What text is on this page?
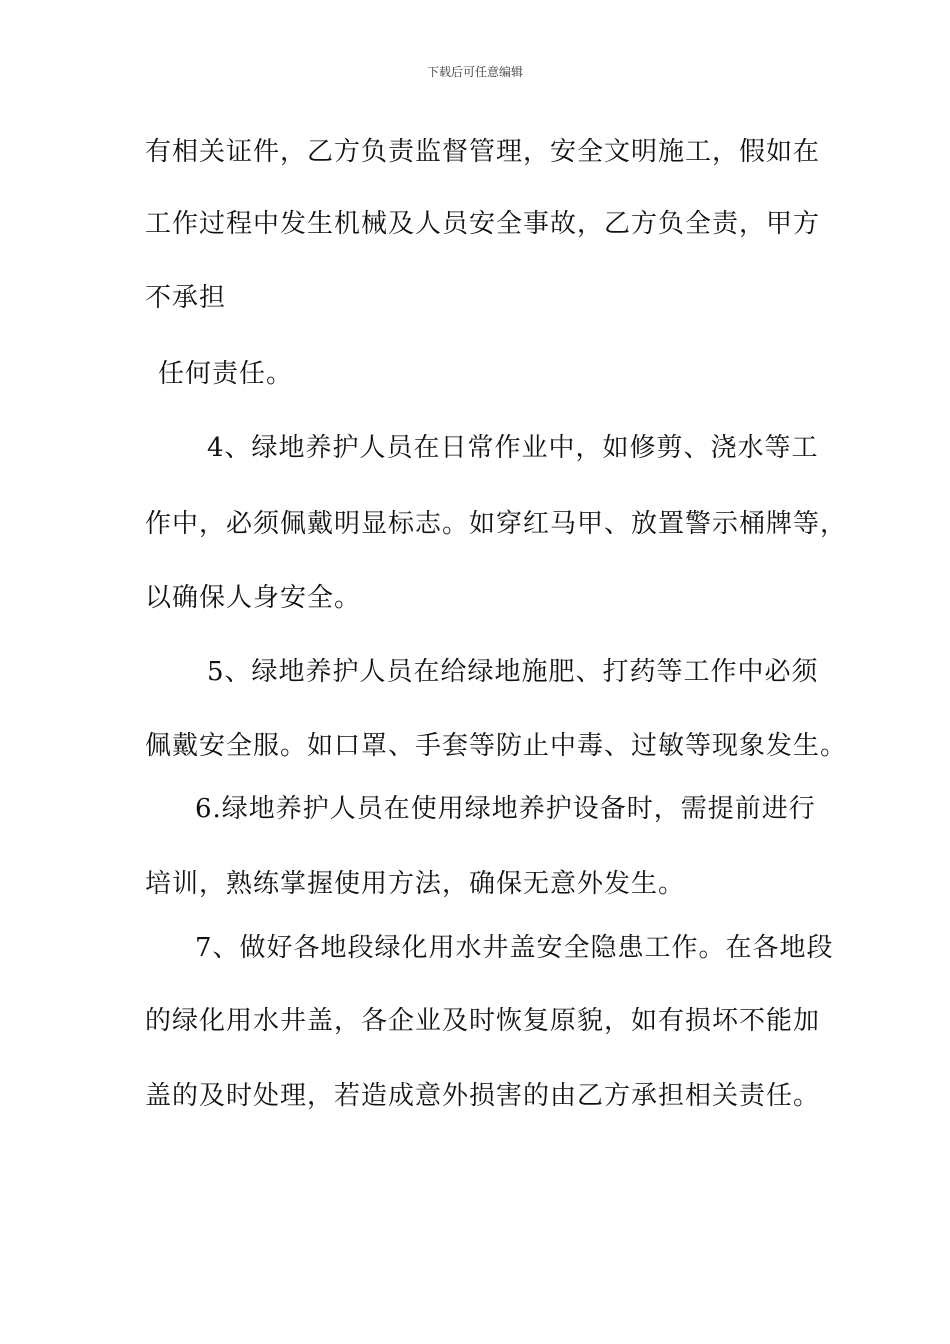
下载后可任意编辑
有相关证件，乙方负责监督管理，安全文明施工，假如在
工作过程中发生机械及人员安全事故，乙方负全责，甲方
不承担
任何责任。
4、绿地养护人员在日常作业中，如修剪、浇水等工
作中，必须佩戴明显标志。如穿红马甲、放置警示桶牌等，
以确保人身安全。
5、绿地养护人员在给绿地施肥、打药等工作中必须
佩戴安全服。如口罩、手套等防止中毒、过敏等现象发生。
6.绿地养护人员在使用绿地养护设备时，需提前进行
培训，熟练掌握使用方法，确保无意外发生。
7、做好各地段绿化用水井盖安全隐患工作。在各地段
的绿化用水井盖，各企业及时恢复原貌，如有损坏不能加
盖的及时处理，若造成意外损害的由乙方承担相关责任。
